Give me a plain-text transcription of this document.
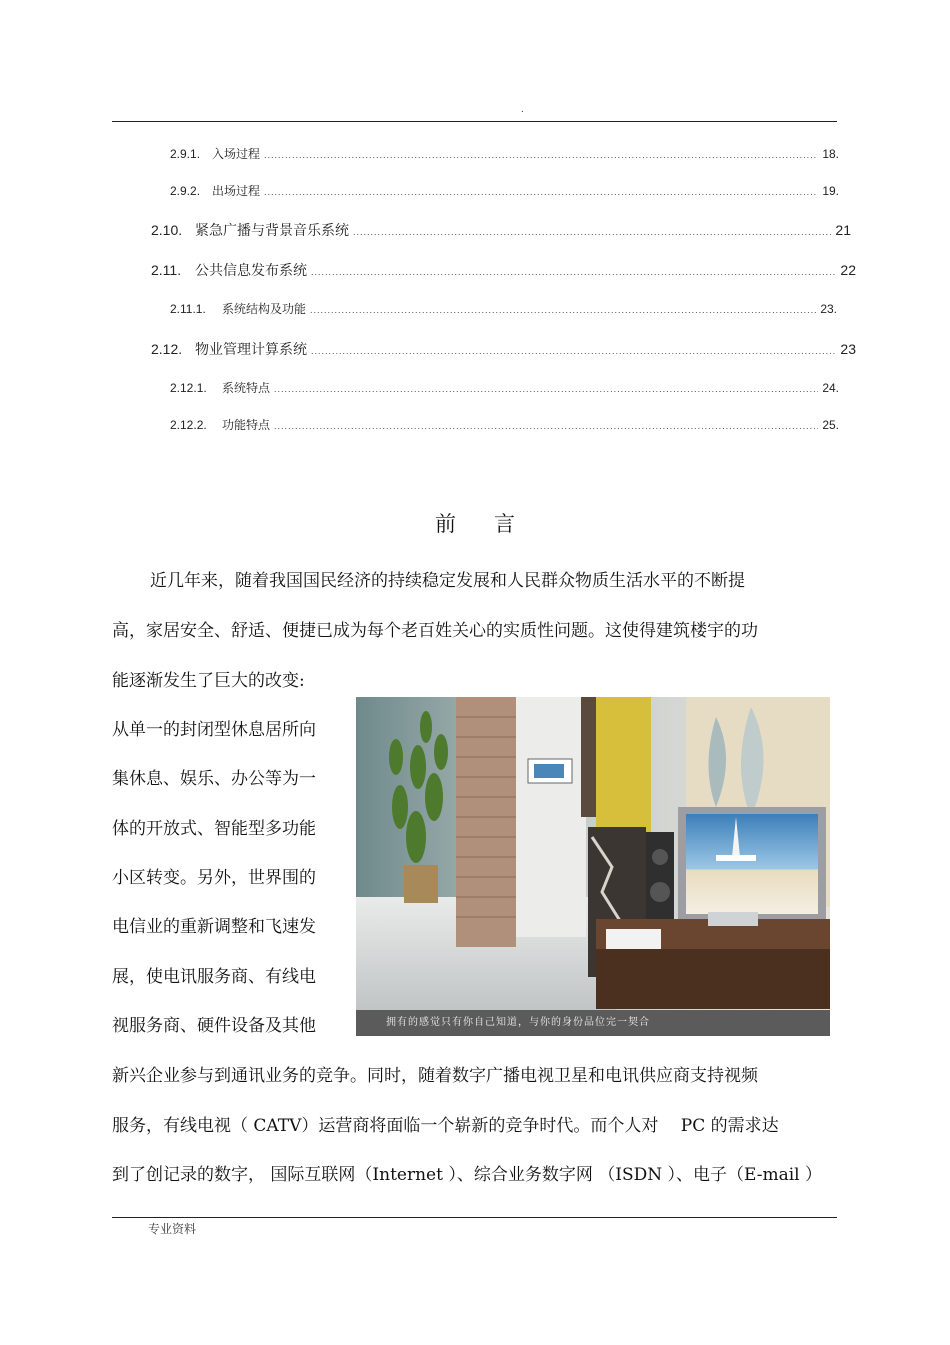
.
2.9.1. 入场过程 .....	18.
2.9.2. 出场过程 .....	19.
2.10. 紧急广播与背景音乐系统 .....	21
2.11. 公共信息发布系统 .....	22
2.11.1.	系统结构及功能 .....	23.
2.12. 物业管理计算系统 .....	23
2.12.1.	系统特点 .....	24.
2.12.2.	功能特点 .....	25.
前言
近几年来，随着我国国民经济的持续稳定发展和人民群众物质生活水平的不断提
高，家居安全、舒适、便捷已成为每个老百姓关心的实质性问题。这使得建筑楼宇的功
能逐渐发生了巨大的改变:
从单一的封闭型休息居所向
集休息、娱乐、办公等为一
体的开放式、智能型多功能
小区转变。另外，世界围的
电信业的重新调整和飞速发
展，使电讯服务商、有线电
视服务商、硬件设备及其他
新兴企业参与到通讯业务的竞争。同时，随着数字广播电视卫星和电讯供应商支持视频
服务，有线电视（ CATV）运营商将面临一个崭新的竞争时代。而个人对 　PC 的需求达
到了创记录的数字， 国际互联网（Internet ）、综合业务数字网 （ISDN ）、电子（E-mail ）
拥有的感觉只有你自己知道，与你的身份品位完一契合
专业资料
